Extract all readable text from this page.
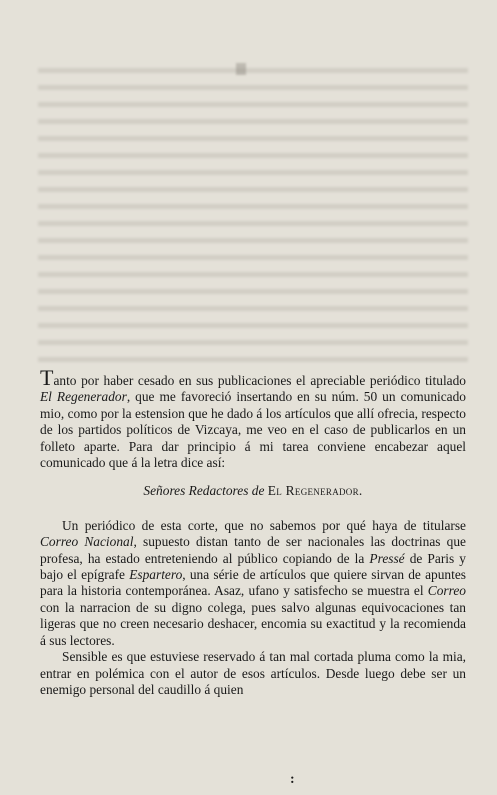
Tanto por haber cesado en sus publicaciones el apreciable periódico titulado El Regenerador, que me favoreció insertando en su núm. 50 un comunicado mio, como por la estension que he dado á los artículos que allí ofrecia, respecto de los partidos políticos de Vizcaya, me veo en el caso de publicarlos en un folleto aparte. Para dar principio á mi tarea conviene encabezar aquel comunicado que á la letra dice así:

Señores Redactores de El Regenerador.

Un periódico de esta corte, que no sabemos por qué haya de titularse Correo Nacional, supuesto distan tanto de ser nacionales las doctrinas que profesa, ha estado entreteniendo al público copiando de la Pressé de Paris y bajo el epígrafe Espartero, una série de artículos que quiere sirvan de apuntes para la historia contemporánea. Asaz, ufano y satisfecho se muestra el Correo con la narracion de su digno colega, pues salvo algunas equivocaciones tan ligeras que no creen necesario deshacer, encomia su exactitud y la recomienda á sus lectores.

Sensible es que estuviese reservado á tan mal cortada pluma como la mia, entrar en polémica con el autor de esos artículos. Desde luego debe ser un enemigo personal del caudillo á quien

:
